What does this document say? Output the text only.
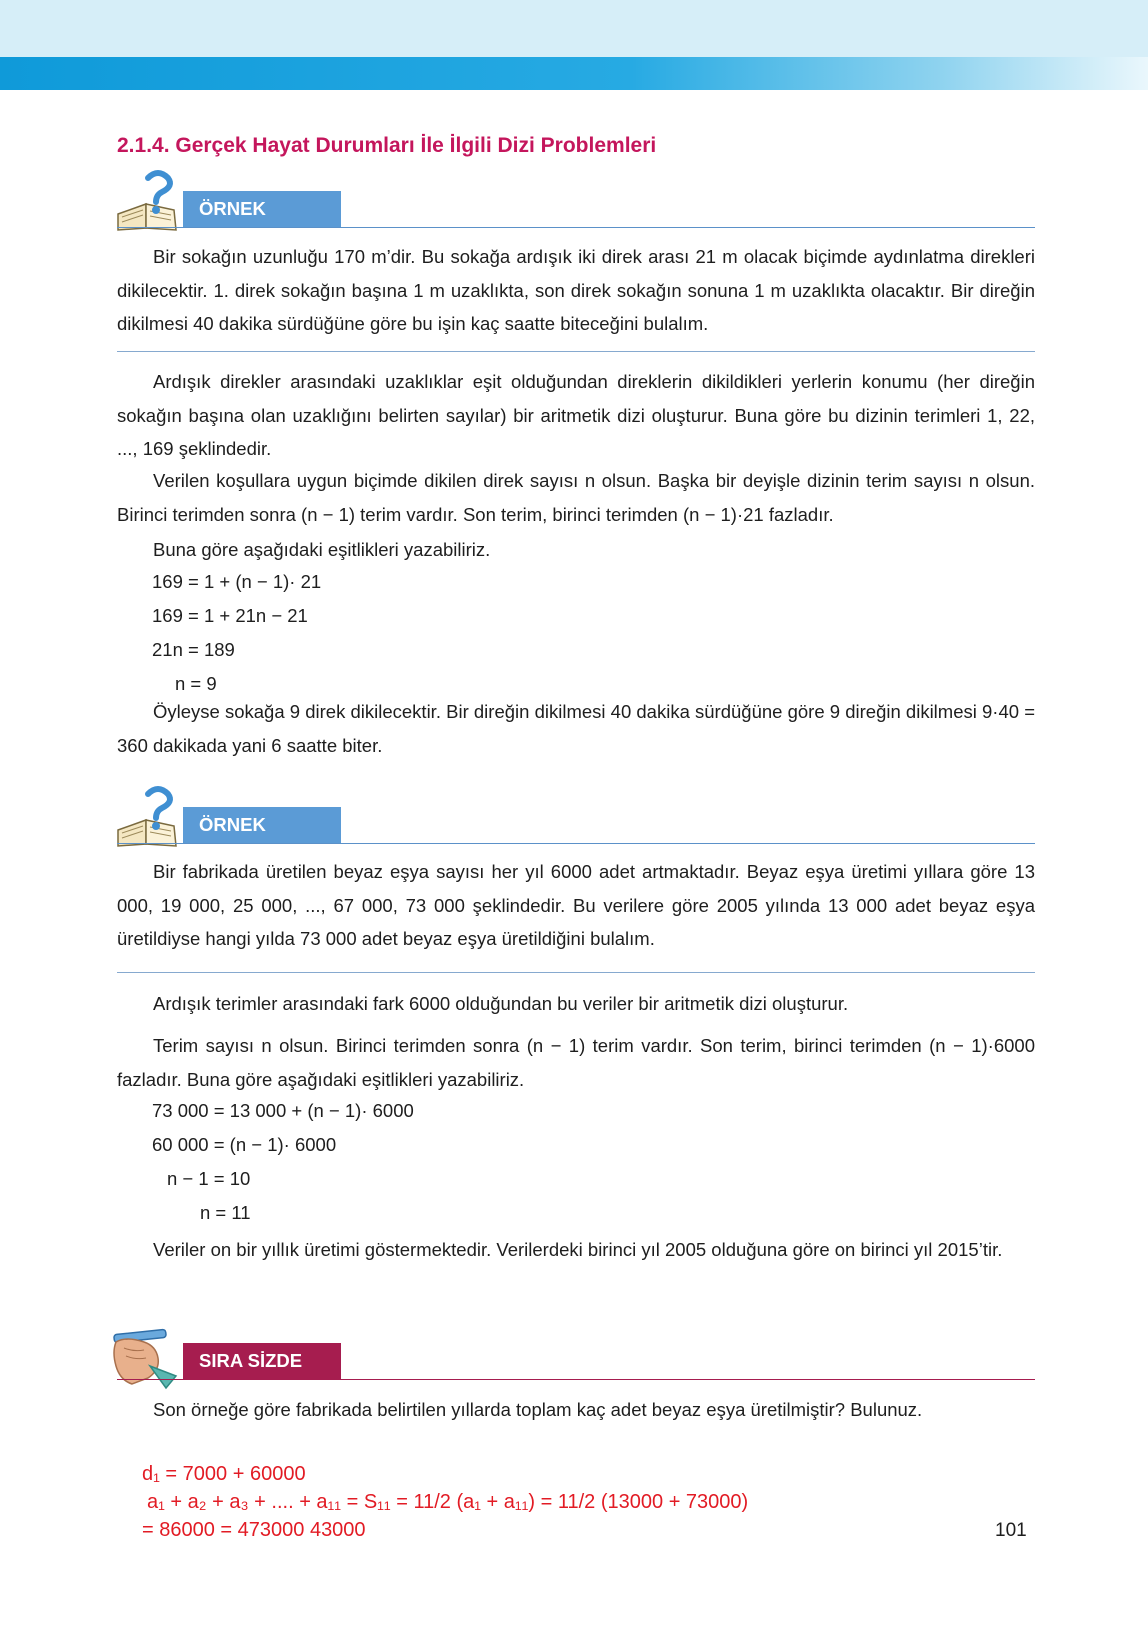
2.1.4. Gerçek Hayat Durumları İle İlgili Dizi Problemleri
ÖRNEK

Bir sokağın uzunluğu 170 m’dir. Bu sokağa ardışık iki direk arası 21 m olacak biçimde aydınlatma direkleri dikilecektir. 1. direk sokağın başına 1 m uzaklıkta, son direk sokağın sonuna 1 m uzaklıkta olacaktır. Bir direğin dikilmesi 40 dakika sürdüğüne göre bu işin kaç saatte biteceğini bulalım.

Ardışık direkler arasındaki uzaklıklar eşit olduğundan direklerin dikildikleri yerlerin konumu (her direğin sokağın başına olan uzaklığını belirten sayılar) bir aritmetik dizi oluşturur. Buna göre bu dizinin terimleri 1, 22, ..., 169 şeklindedir.

Verilen koşullara uygun biçimde dikilen direk sayısı n olsun. Başka bir deyişle dizinin terim sayısı n olsun. Birinci terimden sonra (n − 1) terim vardır. Son terim, birinci terimden (n − 1)·21 fazladır.

Buna göre aşağıdaki eşitlikleri yazabiliriz.

169 = 1 + (n − 1)· 21

169 = 1 + 21n − 21

21n = 189

n = 9

Öyleyse sokağa 9 direk dikilecektir. Bir direğin dikilmesi 40 dakika sürdüğüne göre 9 direğin dikilmesi 9·40 = 360 dakikada yani 6 saatte biter.

ÖRNEK

Bir fabrikada üretilen beyaz eşya sayısı her yıl 6000 adet artmaktadır. Beyaz eşya üretimi yıllara göre 13 000, 19 000, 25 000, ..., 67 000, 73 000 şeklindedir. Bu verilere göre 2005 yılında 13 000 adet beyaz eşya üretildiyse hangi yılda 73 000 adet beyaz eşya üretildiğini bulalım.

Ardışık terimler arasındaki fark 6000 olduğundan bu veriler bir aritmetik dizi oluşturur.

Terim sayısı n olsun. Birinci terimden sonra (n − 1) terim vardır. Son terim, birinci terimden (n − 1)·6000 fazladır. Buna göre aşağıdaki eşitlikleri yazabiliriz.

73 000 = 13 000 + (n − 1)· 6000

60 000 = (n − 1)· 6000

n − 1 = 10

n = 11

Veriler on bir yıllık üretimi göstermektedir. Verilerdeki birinci yıl 2005 olduğuna göre on birinci yıl 2015’tir.

SIRA SİZDE

Son örneğe göre fabrikada belirtilen yıllarda toplam kaç adet beyaz eşya üretilmiştir? Bulunuz.

d₁ = 7000 + 60000

a₁ + a₂ + a₃ + .... + a₁₁ = S₁₁ = 11/2 (a₁ + a₁₁) = 11/2 (13000 + 73000)

= 86000 = 473000 43000	101
